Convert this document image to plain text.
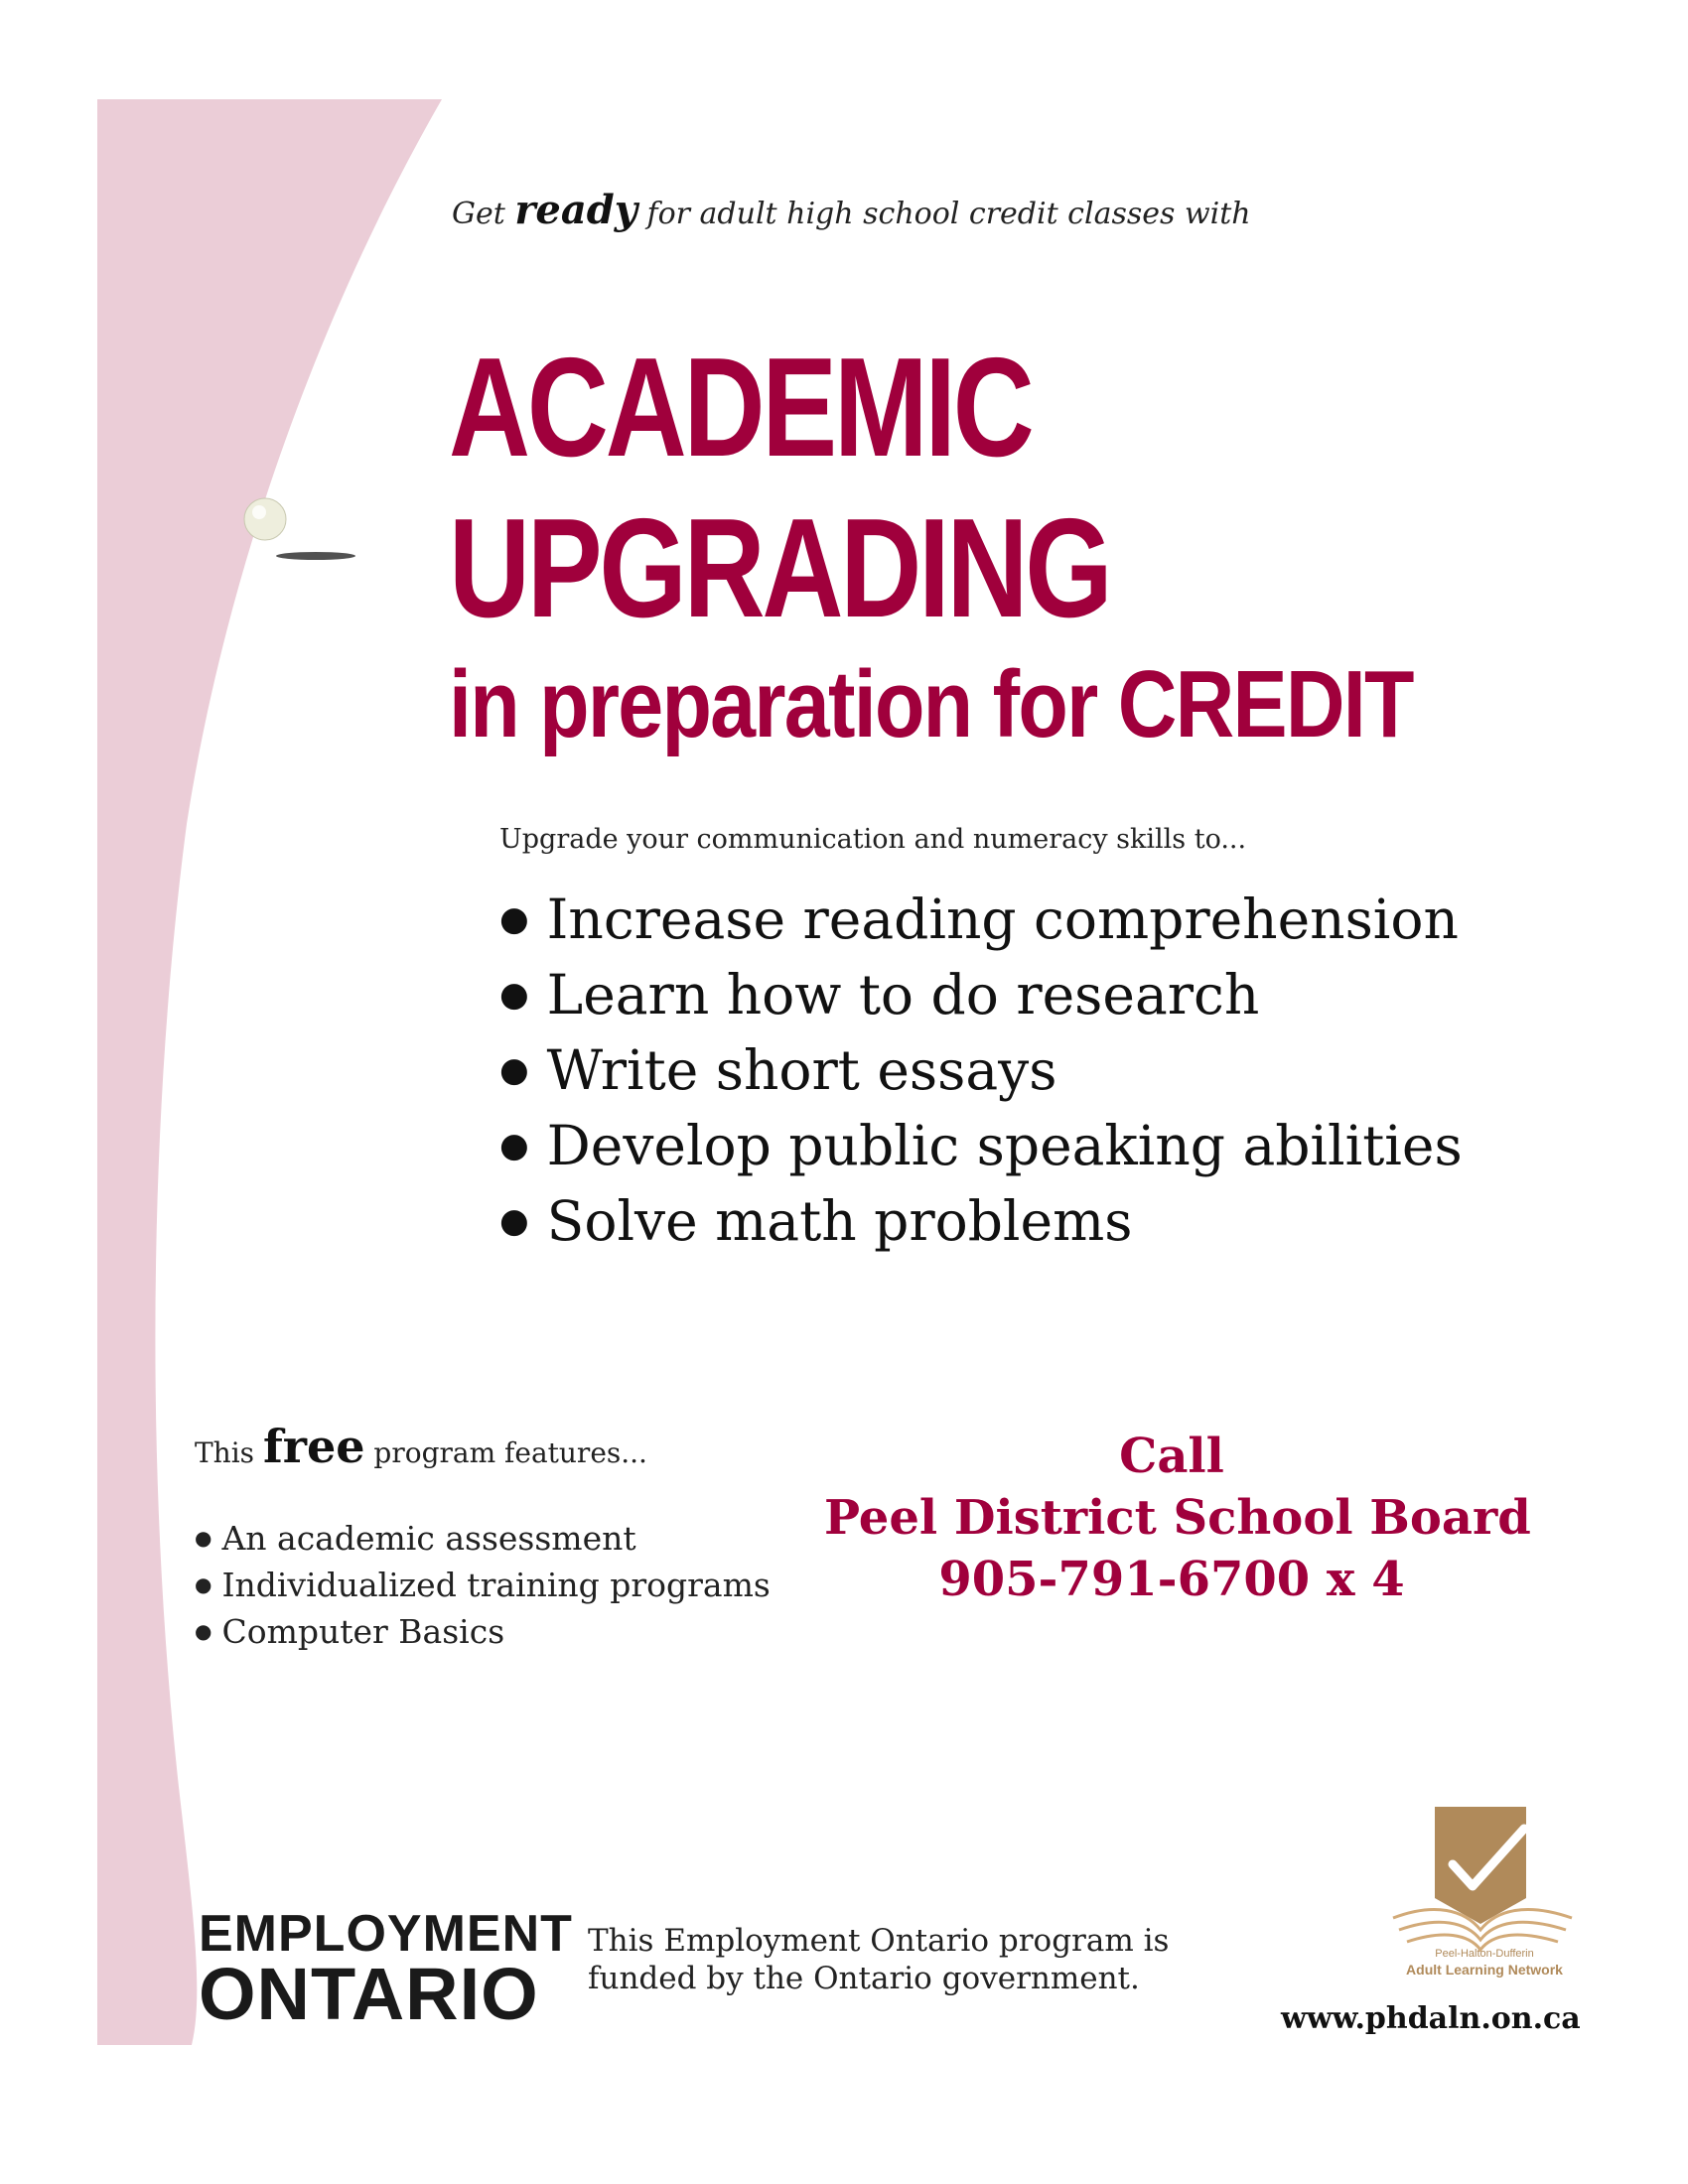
Get ready for adult high school credit classes with
ACADEMIC
UPGRADING
in preparation for CREDIT
Upgrade your communication and numeracy skills to...
● Increase reading comprehension
● Learn how to do research
● Write short essays
● Develop public speaking abilities
● Solve math problems
This free program features...
● An academic assessment
● Individualized training programs
● Computer Basics
Call
Peel District School Board
905-791-6700 x 4
EMPLOYMENT
ONTARIO
This Employment Ontario program is
funded by the Ontario government.
Peel-Halton-Dufferin
Adult Learning Network
www.phdaln.on.ca
